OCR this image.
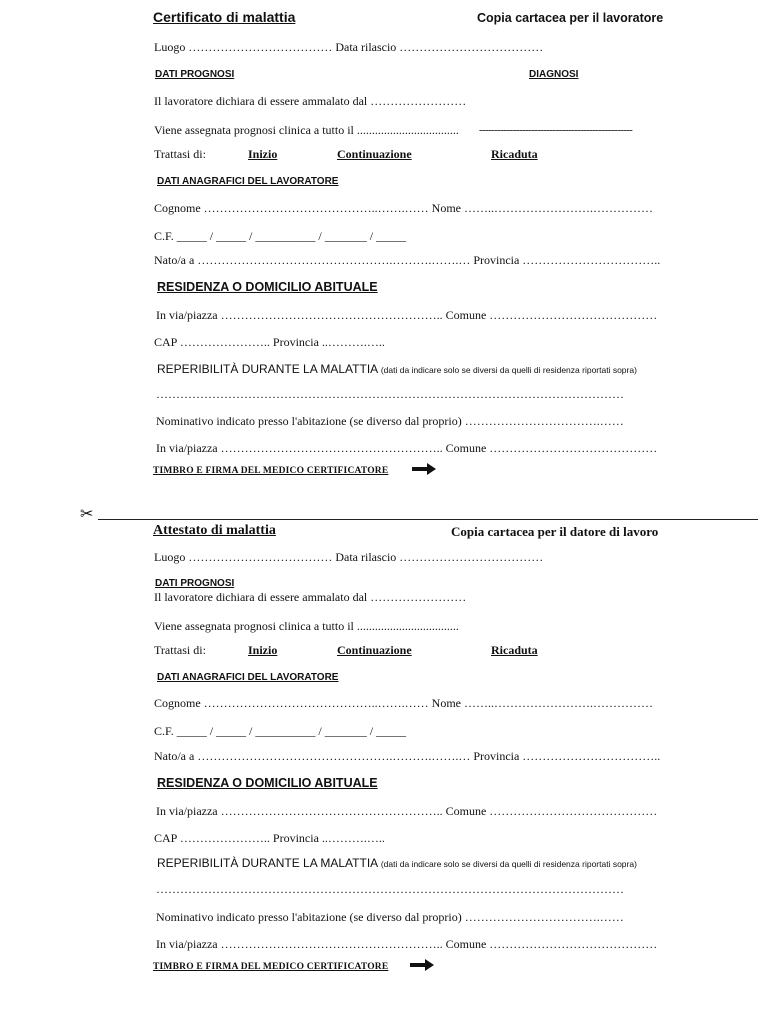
Certificato di malattia	Copia cartacea per il lavoratore
Luogo ……………………………… Data rilascio ………………………………
DATI PROGNOSI	DIAGNOSI
Il lavoratore dichiara di essere ammalato dal ……………………
Viene assegnata prognosi clinica a tutto il .................................. --------------------------------------------------
Trattasi di:	Inizio	Continuazione	Ricaduta
DATI ANAGRAFICI DEL LAVORATORE
Cognome ……………………………………..…….…… Nome ……..…………………….……………
C.F. _____ / _____ / __________ / _______ / _____
Nato/a a ………………………………………….……….…….… Provincia ……………………………..
RESIDENZA O DOMICILIO ABITUALE
In via/piazza ……………………………………………….. Comune ……………………………………
CAP ………………….. Provincia ..……….…..
REPERIBILITÀ DURANTE LA MALATTIA (dati da indicare solo se diversi da quelli di residenza riportati sopra)
………………………………………………………………………………………………………
Nominativo indicato presso l'abitazione (se diverso dal proprio) …………………………….……
In via/piazza ……………………………………………….. Comune ……………………………………
TIMBRO E FIRMA DEL MEDICO CERTIFICATORE
✂
Attestato di malattia	Copia cartacea per il datore di lavoro
Luogo ……………………………… Data rilascio ………………………………
DATI PROGNOSI
Il lavoratore dichiara di essere ammalato dal ……………………
Viene assegnata prognosi clinica a tutto il ..................................
Trattasi di:	Inizio	Continuazione	Ricaduta
DATI ANAGRAFICI DEL LAVORATORE
Cognome ……………………………………..…….…… Nome ……..…………………….……………
C.F. _____ / _____ / __________ / _______ / _____
Nato/a a ………………………………………….……….…….… Provincia ……………………………..
RESIDENZA O DOMICILIO ABITUALE
In via/piazza ……………………………………………….. Comune ……………………………………
CAP ………………….. Provincia ..……….…..
REPERIBILITÀ DURANTE LA MALATTIA (dati da indicare solo se diversi da quelli di residenza riportati sopra)
………………………………………………………………………………………………………
Nominativo indicato presso l'abitazione (se diverso dal proprio) …………………………….……
In via/piazza ……………………………………………….. Comune ……………………………………
TIMBRO E FIRMA DEL MEDICO CERTIFICATORE
